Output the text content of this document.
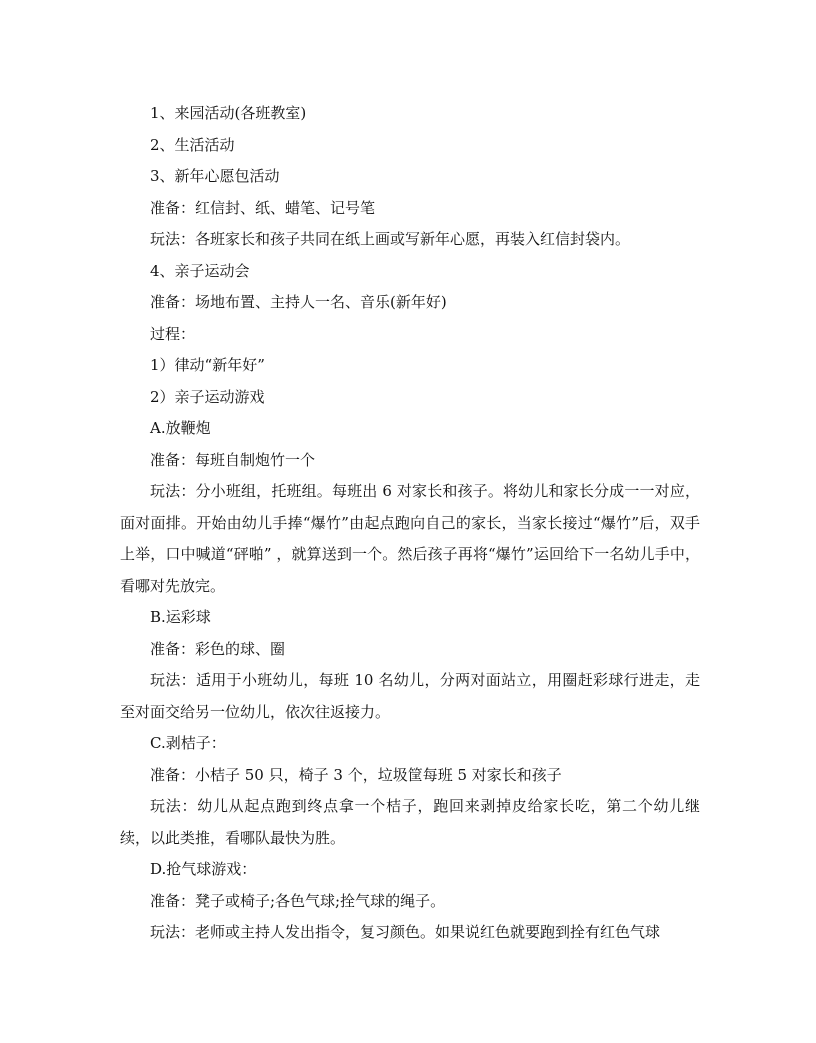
1、来园活动(各班教室)

2、生活活动

3、新年心愿包活动

准备：红信封、纸、蜡笔、记号笔

玩法：各班家长和孩子共同在纸上画或写新年心愿，再装入红信封袋内。

4、亲子运动会

准备：场地布置、主持人一名、音乐(新年好)

过程：

1）律动“新年好”

2）亲子运动游戏

A.放鞭炮

准备：每班自制炮竹一个

玩法：分小班组，托班组。每班出 6 对家长和孩子。将幼儿和家长分成一一对应，面对面排。开始由幼儿手捧“爆竹”由起点跑向自己的家长，当家长接过“爆竹”后，双手上举，口中喊道“砰啪” ，就算送到一个。然后孩子再将“爆竹”运回给下一名幼儿手中，看哪对先放完。

B.运彩球

准备：彩色的球、圈

玩法：适用于小班幼儿，每班 10 名幼儿，分两对面站立，用圈赶彩球行进走，走至对面交给另一位幼儿，依次往返接力。

C.剥桔子：

准备：小桔子 50 只，椅子 3 个，垃圾筐每班 5 对家长和孩子

玩法：幼儿从起点跑到终点拿一个桔子，跑回来剥掉皮给家长吃，第二个幼儿继续，以此类推，看哪队最快为胜。

D.抢气球游戏：

准备：凳子或椅子;各色气球;拴气球的绳子。

玩法：老师或主持人发出指令，复习颜色。如果说红色就要跑到拴有红色气球
